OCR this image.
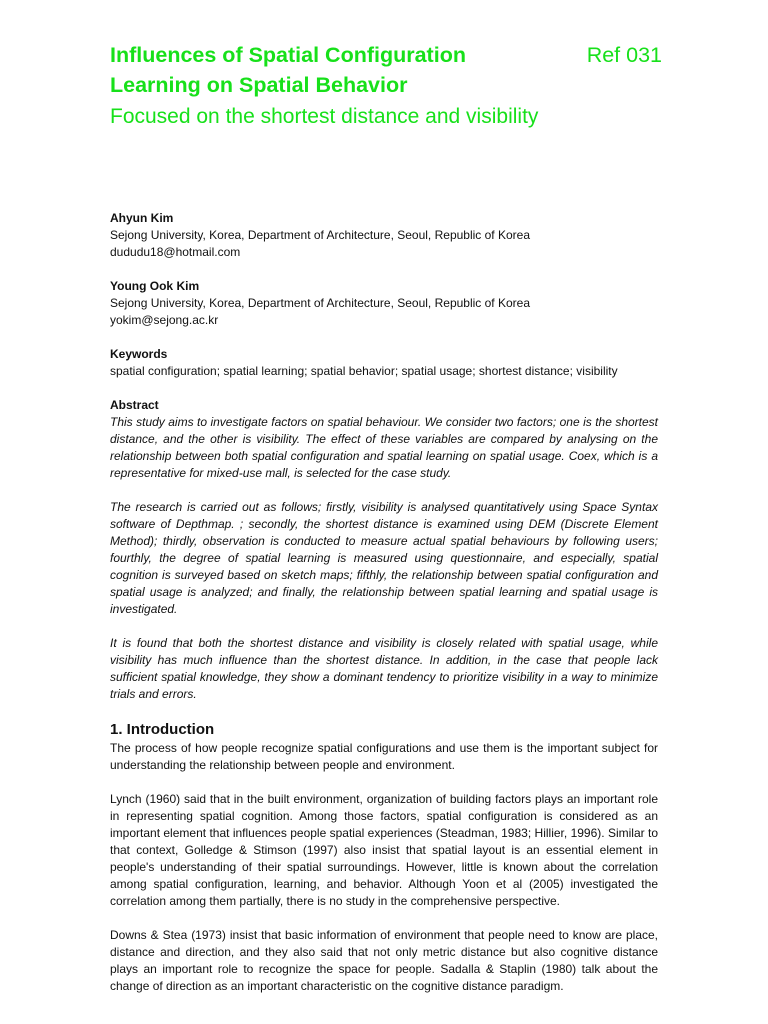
Influences of Spatial Configuration
Learning on Spatial Behavior
Ref 031

Focused on the shortest distance and visibility

Ahyun Kim

Sejong University, Korea, Department of Architecture, Seoul, Republic of Korea

dududu18@hotmail.com

Young Ook Kim

Sejong University, Korea, Department of Architecture, Seoul, Republic of Korea

yokim@sejong.ac.kr

Keywords

spatial configuration; spatial learning; spatial behavior; spatial usage; shortest distance; visibility

Abstract

This study aims to investigate factors on spatial behaviour. We consider two factors; one is the shortest distance, and the other is visibility. The effect of these variables are compared by analysing on the relationship between both spatial configuration and spatial learning on spatial usage. Coex, which is a representative for mixed-use mall, is selected for the case study.

The research is carried out as follows; firstly, visibility is analysed quantitatively using Space Syntax software of Depthmap. ; secondly, the shortest distance is examined using DEM (Discrete Element Method); thirdly, observation is conducted to measure actual spatial behaviours by following users; fourthly, the degree of spatial learning is measured using questionnaire, and especially, spatial cognition is surveyed based on sketch maps; fifthly, the relationship between spatial configuration and spatial usage is analyzed; and finally, the relationship between spatial learning and spatial usage is investigated.

It is found that both the shortest distance and visibility is closely related with spatial usage, while visibility has much influence than the shortest distance. In addition, in the case that people lack sufficient spatial knowledge, they show a dominant tendency to prioritize visibility in a way to minimize trials and errors.

1. Introduction

The process of how people recognize spatial configurations and use them is the important subject for understanding the relationship between people and environment.

Lynch (1960) said that in the built environment, organization of building factors plays an important role in representing spatial cognition. Among those factors, spatial configuration is considered as an important element that influences people spatial experiences (Steadman, 1983; Hillier, 1996). Similar to that context, Golledge & Stimson (1997) also insist that spatial layout is an essential element in people's understanding of their spatial surroundings. However, little is known about the correlation among spatial configuration, learning, and behavior. Although Yoon et al (2005) investigated the correlation among them partially, there is no study in the comprehensive perspective.

Downs & Stea (1973) insist that basic information of environment that people need to know are place, distance and direction, and they also said that not only metric distance but also cognitive distance plays an important role to recognize the space for people. Sadalla & Staplin (1980) talk about the change of direction as an important characteristic on the cognitive distance paradigm.
